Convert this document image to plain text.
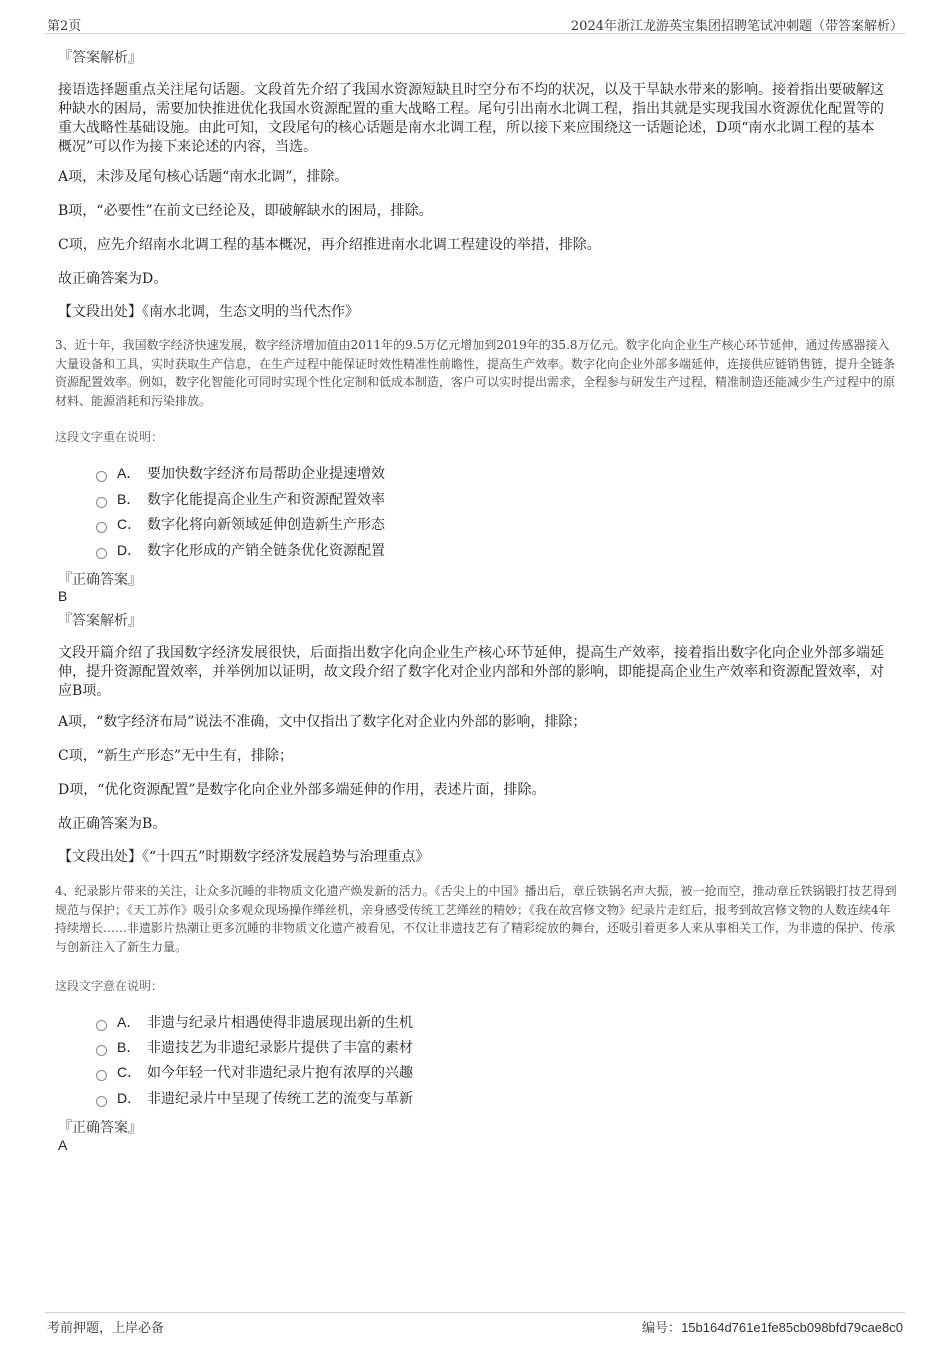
第2页	2024年浙江龙游英宝集团招聘笔试冲刺题（带答案解析）
『答案解析』
接语选择题重点关注尾句话题。文段首先介绍了我国水资源短缺且时空分布不均的状况，以及干旱缺水带来的影响。接着指出要破解这种缺水的困局，需要加快推进优化我国水资源配置的重大战略工程。尾句引出南水北调工程，指出其就是实现我国水资源优化配置等的重大战略性基础设施。由此可知，文段尾句的核心话题是南水北调工程，所以接下来应围绕这一话题论述，D项“南水北调工程的基本概况”可以作为接下来论述的内容，当选。
A项，未涉及尾句核心话题“南水北调”，排除。
B项，“必要性”在前文已经论及，即破解缺水的困局，排除。
C项，应先介绍南水北调工程的基本概况，再介绍推进南水北调工程建设的举措，排除。
故正确答案为D。
【文段出处】《南水北调，生态文明的当代杰作》
3、近十年，我国数字经济快速发展，数字经济增加值由2011年的9.5万亿元增加到2019年的35.8万亿元。数字化向企业生产核心环节延伸，通过传感器接入大量设备和工具，实时获取生产信息，在生产过程中能保证时效性精准性前瞻性，提高生产效率。数字化向企业外部多端延伸，连接供应链销售链，提升全链条资源配置效率。例如，数字化智能化可同时实现个性化定制和低成本制造，客户可以实时提出需求，全程参与研发生产过程，精准制造还能减少生产过程中的原材料、能源消耗和污染排放。
这段文字重在说明：
A． 要加快数字经济布局帮助企业提速增效
B． 数字化能提高企业生产和资源配置效率
C． 数字化将向新领域延伸创造新生产形态
D． 数字化形成的产销全链条优化资源配置
『正确答案』
B
『答案解析』
文段开篇介绍了我国数字经济发展很快，后面指出数字化向企业生产核心环节延伸，提高生产效率，接着指出数字化向企业外部多端延伸，提升资源配置效率，并举例加以证明，故文段介绍了数字化对企业内部和外部的影响，即能提高企业生产效率和资源配置效率，对应B项。
A项，“数字经济布局”说法不准确，文中仅指出了数字化对企业内外部的影响，排除；
C项，“新生产形态”无中生有，排除；
D项，“优化资源配置”是数字化向企业外部多端延伸的作用，表述片面，排除。
故正确答案为B。
【文段出处】《“十四五”时期数字经济发展趋势与治理重点》
4、纪录影片带来的关注，让众多沉睡的非物质文化遗产焕发新的活力。《舌尖上的中国》播出后，章丘铁锅名声大振，被一抢而空，推动章丘铁锅锻打技艺得到规范与保护；《天工苏作》吸引众多观众现场操作缂丝机，亲身感受传统工艺缂丝的精妙；《我在故宫修文物》纪录片走红后，报考到故宫修文物的人数连续4年持续增长……非遗影片热潮让更多沉睡的非物质文化遗产被看见，不仅让非遗技艺有了精彩绽放的舞台，还吸引着更多人来从事相关工作，为非遗的保护、传承与创新注入了新生力量。
这段文字意在说明：
A． 非遗与纪录片相遇使得非遗展现出新的生机
B． 非遗技艺为非遗纪录影片提供了丰富的素材
C． 如今年轻一代对非遗纪录片抱有浓厚的兴趣
D． 非遗纪录片中呈现了传统工艺的流变与革新
『正确答案』
A
考前押题，上岸必备	编号：15b164d761e1fe85cb098bfd79cae8c0
